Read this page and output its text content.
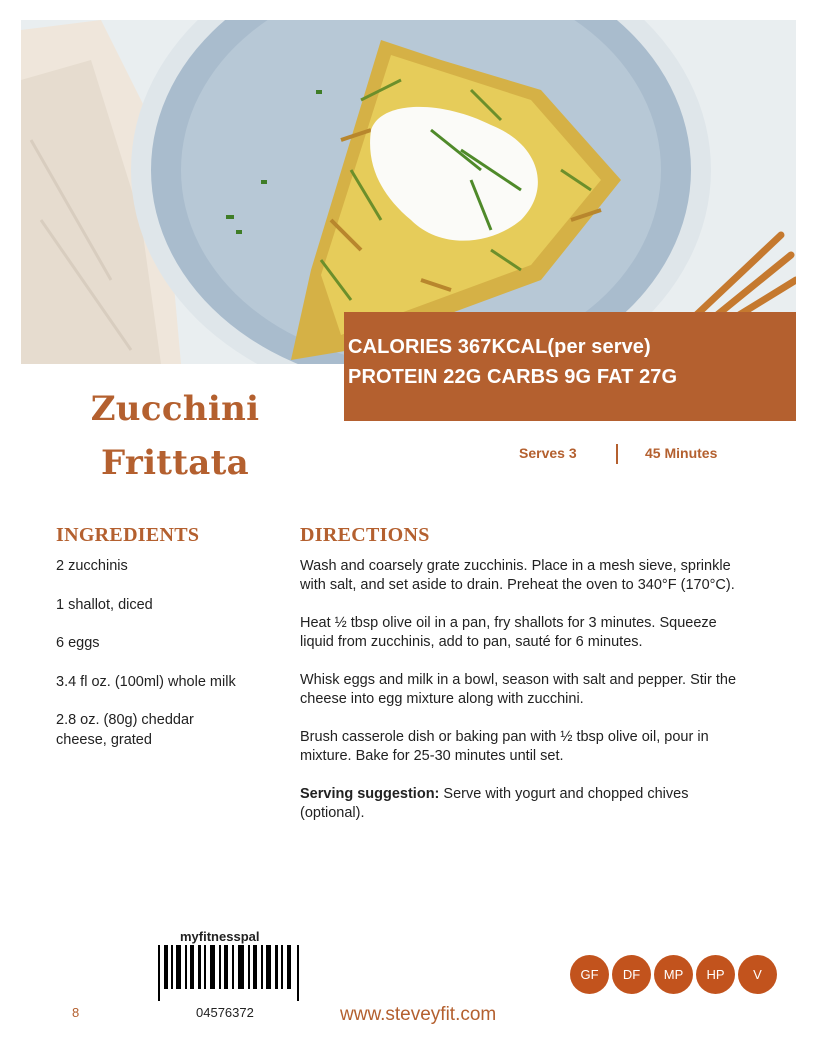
CALORIES 367KCAL(per serve)
PROTEIN 22G CARBS 9G FAT 27G
Zucchini
Frittata	Serves 3	45 Minutes
INGREDIENTS	DIRECTIONS
2 zucchinis
1 shallot, diced
6 eggs
3.4 fl oz. (100ml) whole milk
2.8 oz. (80g) cheddar cheese, grated
Wash and coarsely grate zucchinis. Place in a mesh sieve, sprinkle with salt, and set aside to drain. Preheat the oven to 340°F (170°C).
Heat ½ tbsp olive oil in a pan, fry shallots for 3 minutes. Squeeze liquid from zucchinis, add to pan, sauté for 6 minutes.
Whisk eggs and milk in a bowl, season with salt and pepper. Stir the cheese into egg mixture along with zucchini.
Brush casserole dish or baking pan with ½ tbsp olive oil, pour in mixture. Bake for 25-30 minutes until set.
Serving suggestion: Serve with yogurt and chopped chives (optional).
myfitnesspal
04576372
8	www.steveyfit.com
GF	DF	MP	HP	V
